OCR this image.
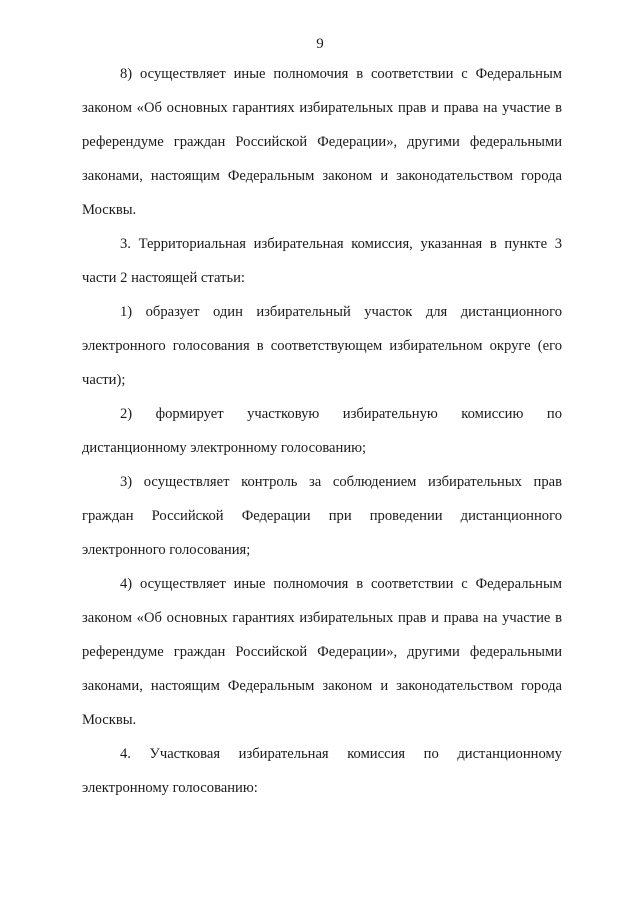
9

8) осуществляет иные полномочия в соответствии с Федеральным законом «Об основных гарантиях избирательных прав и права на участие в референдуме граждан Российской Федерации», другими федеральными законами, настоящим Федеральным законом и законодательством города Москвы.

3. Территориальная избирательная комиссия, указанная в пункте 3 части 2 настоящей статьи:

1) образует один избирательный участок для дистанционного электронного голосования в соответствующем избирательном округе (его части);

2) формирует участковую избирательную комиссию по дистанционному электронному голосованию;

3) осуществляет контроль за соблюдением избирательных прав граждан Российской Федерации при проведении дистанционного электронного голосования;

4) осуществляет иные полномочия в соответствии с Федеральным законом «Об основных гарантиях избирательных прав и права на участие в референдуме граждан Российской Федерации», другими федеральными законами, настоящим Федеральным законом и законодательством города Москвы.

4. Участковая избирательная комиссия по дистанционному электронному голосованию:
